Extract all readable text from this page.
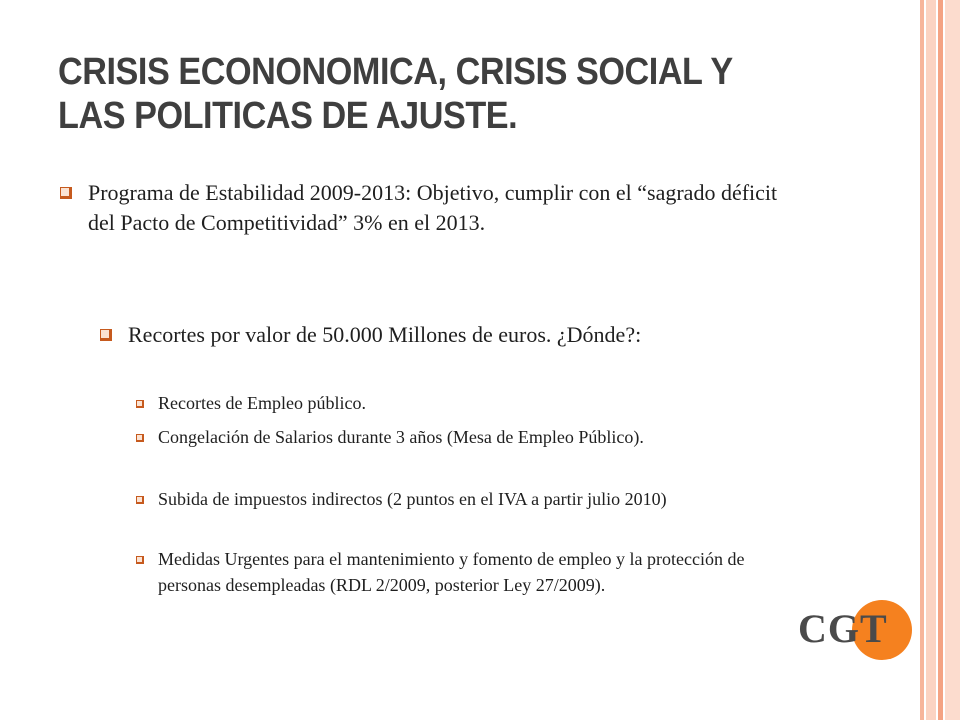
CRISIS ECONONOMICA, CRISIS SOCIAL Y LAS POLITICAS DE AJUSTE.
Programa de Estabilidad 2009-2013: Objetivo, cumplir con el “sagrado déficit del Pacto de Competitividad” 3% en el 2013.
Recortes por valor de 50.000 Millones de euros. ¿Dónde?:
Recortes de Empleo público.
Congelación de Salarios durante 3 años (Mesa de Empleo Público).
Subida de impuestos indirectos (2 puntos en el IVA a partir julio 2010)
Medidas Urgentes para el mantenimiento y fomento de empleo y la protección de personas desempleadas (RDL 2/2009, posterior Ley 27/2009).
CGT
